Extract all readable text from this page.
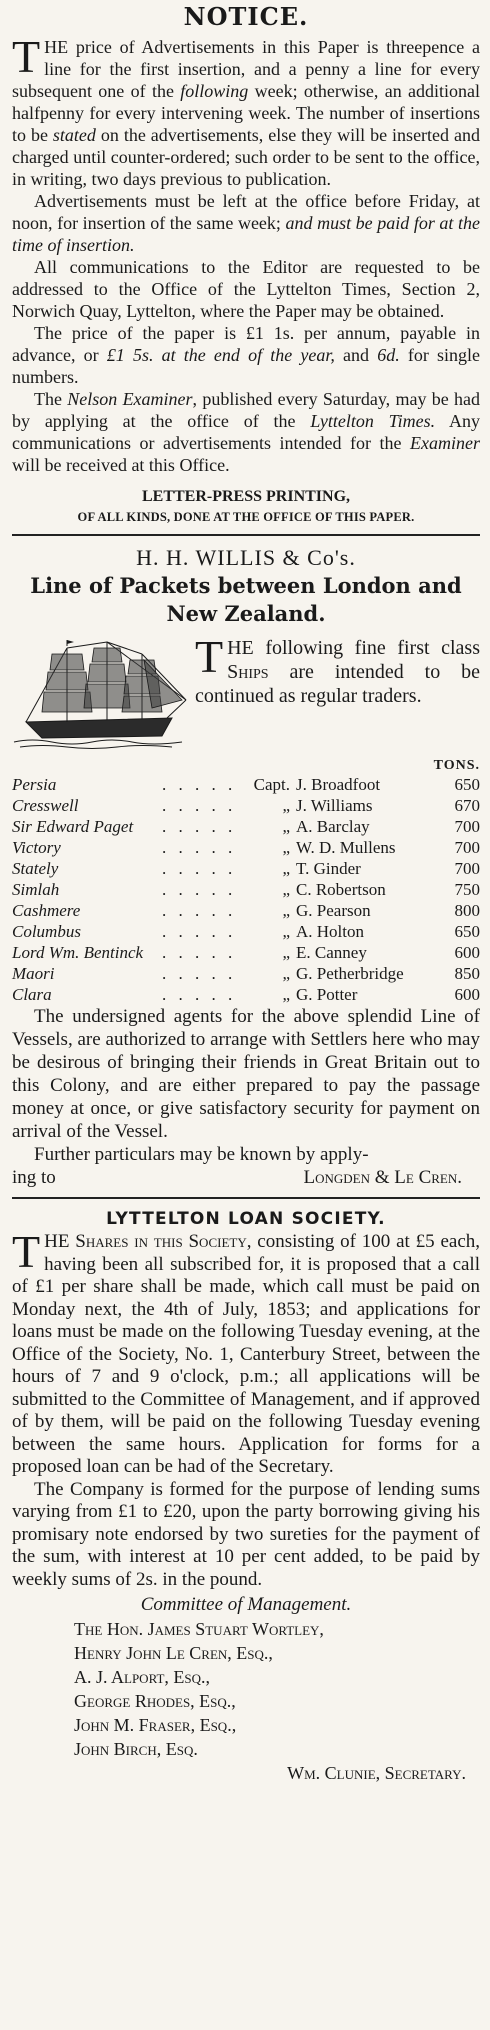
NOTICE.

THE price of Advertisements in this Paper is threepence a line for the first insertion, and a penny a line for every subsequent one of the following week; otherwise, an additional halfpenny for every intervening week. The number of insertions to be stated on the advertisements, else they will be inserted and charged until counter-ordered; such order to be sent to the office, in writing, two days previous to publication.

Advertisements must be left at the office before Friday, at noon, for insertion of the same week; and must be paid for at the time of insertion.

All communications to the Editor are requested to be addressed to the Office of the Lyttelton Times, Section 2, Norwich Quay, Lyttelton, where the Paper may be obtained.

The price of the paper is £1 1s. per annum, payable in advance, or £1 5s. at the end of the year, and 6d. for single numbers.

The Nelson Examiner, published every Saturday, may be had by applying at the office of the Lyttelton Times. Any communications or advertisements intended for the Examiner will be received at this Office.

LETTER-PRESS PRINTING,
OF ALL KINDS, DONE AT THE OFFICE OF THIS PAPER.
H. H. WILLIS & Co's.
Line of Packets between London and New Zealand.

THE following fine first class Ships are intended to be continued as regular traders.

TONS.
Persia	. . . . .	Capt.	J. Broadfoot	650
Cresswell	. . . . .	„	J. Williams	670
Sir Edward Paget	. . . . .	„	A. Barclay	700
Victory	. . . . .	„	W. D. Mullens	700
Stately	. . . . .	„	T. Ginder	700
Simlah	. . . . .	„	C. Robertson	750
Cashmere	. . . . .	„	G. Pearson	800
Columbus	. . . . .	„	A. Holton	650
Lord Wm. Bentinck	. . . . .	„	E. Canney	600
Maori	. . . . .	„	G. Petherbridge	850
Clara	. . . . .	„	G. Potter	600

The undersigned agents for the above splendid Line of Vessels, are authorized to arrange with Settlers here who may be desirous of bringing their friends in Great Britain out to this Colony, and are either prepared to pay the passage money at once, or give satisfactory security for payment on arrival of the Vessel.

Further particulars may be known by apply-

ing to	Longden & Le Cren.
LYTTELTON LOAN SOCIETY.

THE Shares in this Society, consisting of 100 at £5 each, having been all subscribed for, it is proposed that a call of £1 per share shall be made, which call must be paid on Monday next, the 4th of July, 1853; and applications for loans must be made on the following Tuesday evening, at the Office of the Society, No. 1, Canterbury Street, between the hours of 7 and 9 o'clock, p.m.; all applications will be submitted to the Committee of Management, and if approved of by them, will be paid on the following Tuesday evening between the same hours. Application for forms for a proposed loan can be had of the Secretary.

The Company is formed for the purpose of lending sums varying from £1 to £20, upon the party borrowing giving his promisary note endorsed by two sureties for the payment of the sum, with interest at 10 per cent added, to be paid by weekly sums of 2s. in the pound.

Committee of Management.
The Hon. James Stuart Wortley,
Henry John Le Cren, Esq.,
A. J. Alport, Esq.,
George Rhodes, Esq.,
John M. Fraser, Esq.,
John Birch, Esq.
Wm. Clunie, Secretary.
